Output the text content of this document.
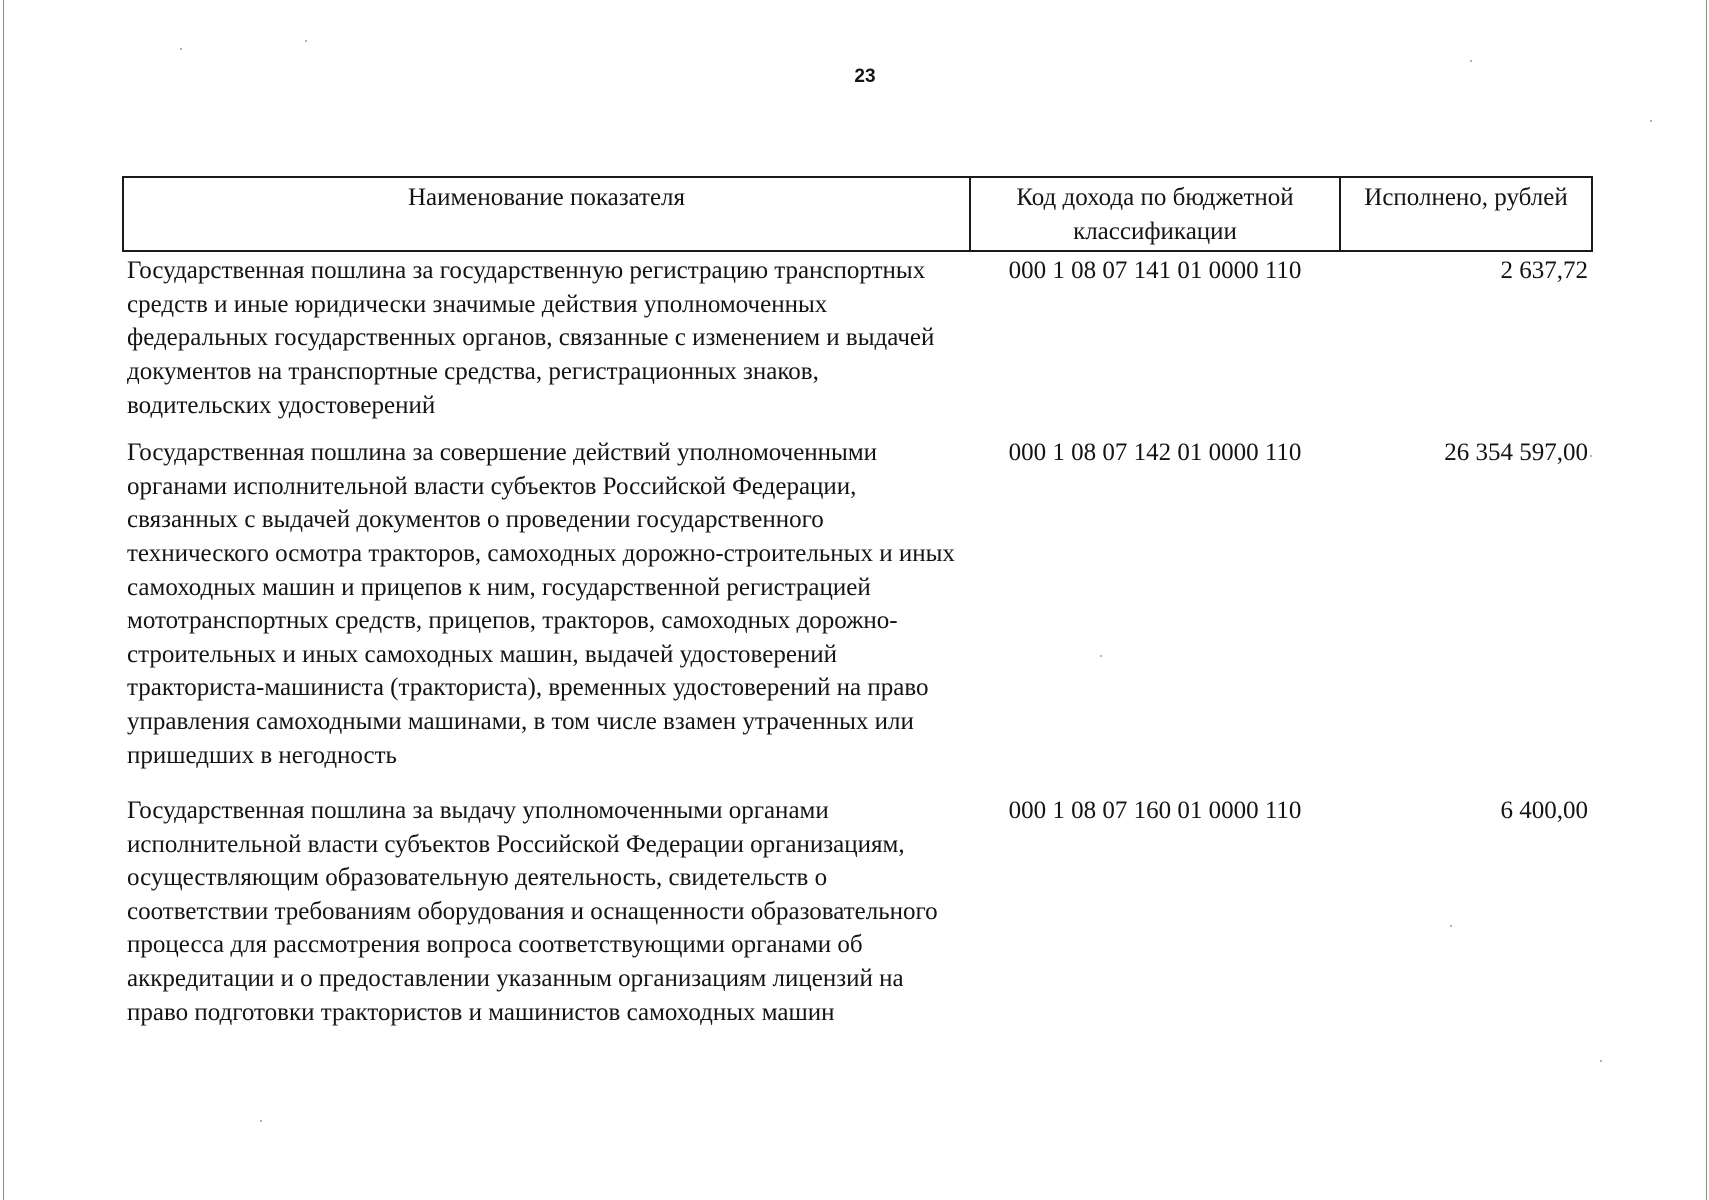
23
Наименование показателя	Код дохода по бюджетной классификации	Исполнено, рублей
Государственная пошлина за государственную регистрацию транспортных средств и иные юридически значимые действия уполномоченных федеральных государственных органов, связанные с изменением и выдачей документов на транспортные средства, регистрационных знаков, водительских удостоверений	000 1 08 07 141 01 0000 110	2 637,72
Государственная пошлина за совершение действий уполномоченными органами исполнительной власти субъектов Российской Федерации, связанных с выдачей документов о проведении государственного технического осмотра тракторов, самоходных дорожно-строительных и иных самоходных машин и прицепов к ним, государственной регистрацией мототранспортных средств, прицепов, тракторов, самоходных дорожно-строительных и иных самоходных машин, выдачей удостоверений тракториста-машиниста (тракториста), временных удостоверений на право управления самоходными машинами, в том числе взамен утраченных или пришедших в негодность	000 1 08 07 142 01 0000 110	26 354 597,00
Государственная пошлина за выдачу уполномоченными органами исполнительной власти субъектов Российской Федерации организациям, осуществляющим образовательную деятельность, свидетельств о соответствии требованиям оборудования и оснащенности образовательного процесса для рассмотрения вопроса соответствующими органами об аккредитации и о предоставлении указанным организациям лицензий на право подготовки трактористов и машинистов самоходных машин	000 1 08 07 160 01 0000 110	6 400,00
